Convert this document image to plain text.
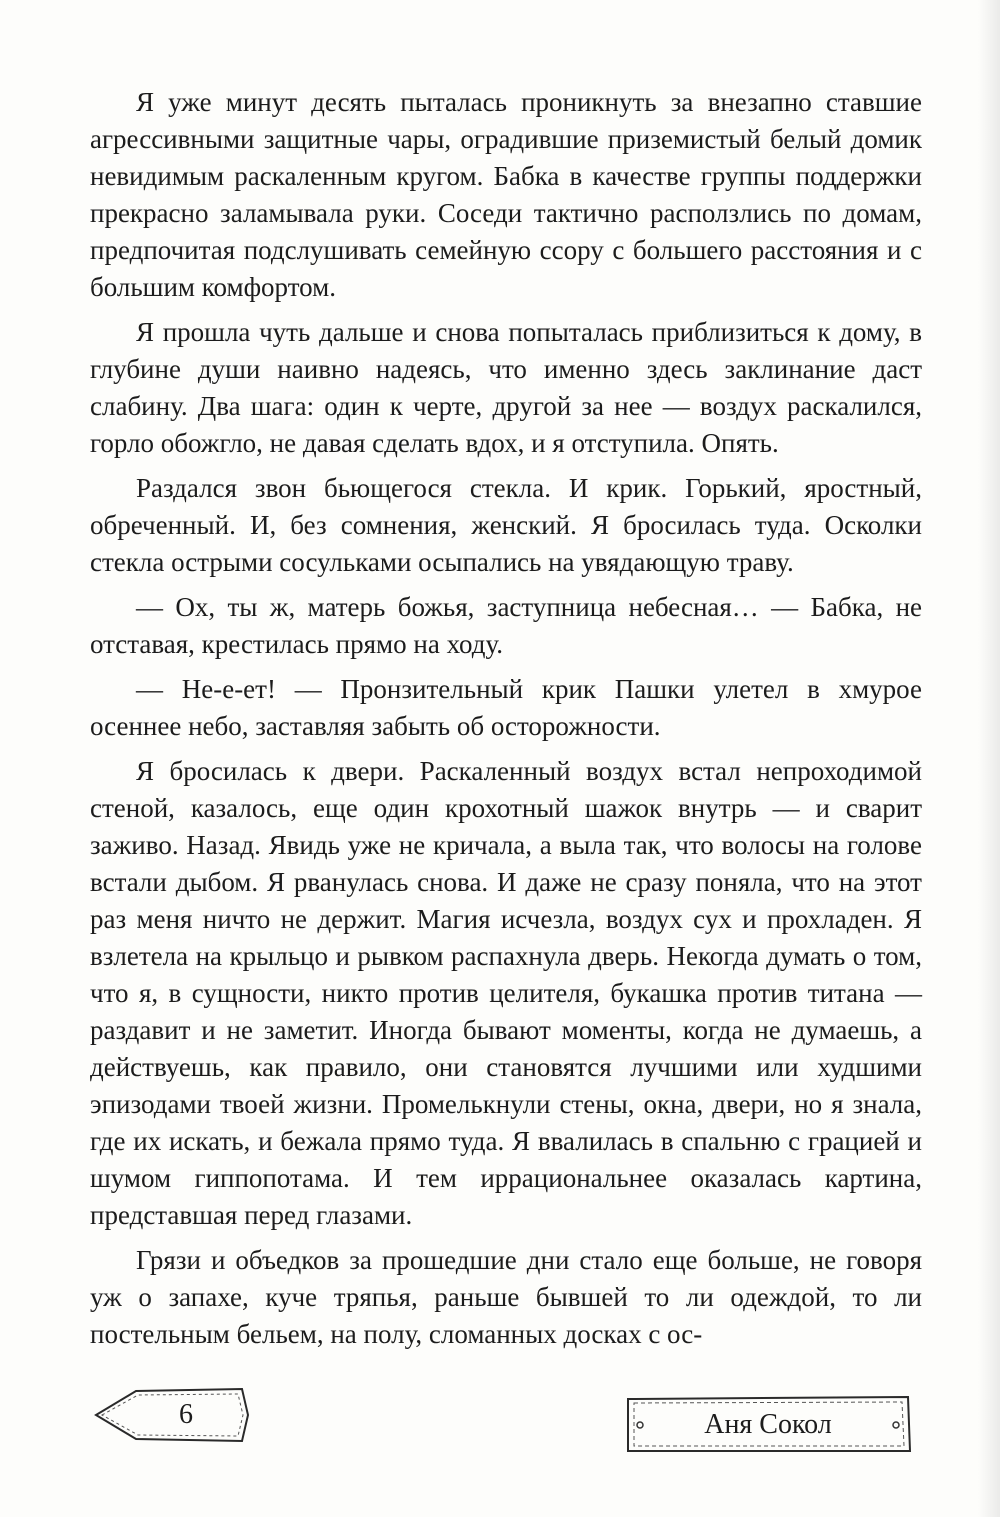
Я уже минут десять пыталась проникнуть за внезапно ставшие агрессивными защитные чары, оградившие приземистый белый домик невидимым раскаленным кругом. Бабка в качестве группы поддержки прекрасно заламывала руки. Соседи тактично расползлись по домам, предпочитая подслушивать семейную ссору с большего расстояния и с большим комфортом.

Я прошла чуть дальше и снова попыталась приблизиться к дому, в глубине души наивно надеясь, что именно здесь заклинание даст слабину. Два шага: один к черте, другой за нее — воздух раскалился, горло обожгло, не давая сделать вдох, и я отступила. Опять.

Раздался звон бьющегося стекла. И крик. Горький, яростный, обреченный. И, без сомнения, женский. Я бросилась туда. Осколки стекла острыми сосульками осыпались на увядающую траву.

— Ох, ты ж, матерь божья, заступница небесная… — Бабка, не отставая, крестилась прямо на ходу.

— Не-е-ет! — Пронзительный крик Пашки улетел в хмурое осеннее небо, заставляя забыть об осторожности.

Я бросилась к двери. Раскаленный воздух встал непроходимой стеной, казалось, еще один крохотный шажок внутрь — и сварит заживо. Назад. Явидь уже не кричала, а выла так, что волосы на голове встали дыбом. Я рванулась снова. И даже не сразу поняла, что на этот раз меня ничто не держит. Магия исчезла, воздух сух и прохладен. Я взлетела на крыльцо и рывком распахнула дверь. Некогда думать о том, что я, в сущности, никто против целителя, букашка против титана — раздавит и не заметит. Иногда бывают моменты, когда не думаешь, а действуешь, как правило, они становятся лучшими или худшими эпизодами твоей жизни. Промелькнули стены, окна, двери, но я знала, где их искать, и бежала прямо туда. Я ввалилась в спальню с грацией и шумом гиппопотама. И тем иррациональнее оказалась картина, представшая перед глазами.

Грязи и объедков за прошедшие дни стало еще больше, не говоря уж о запахе, куче тряпья, раньше бывшей то ли одеждой, то ли постельным бельем, на полу, сломанных досках с ос-

6	Аня Сокол
